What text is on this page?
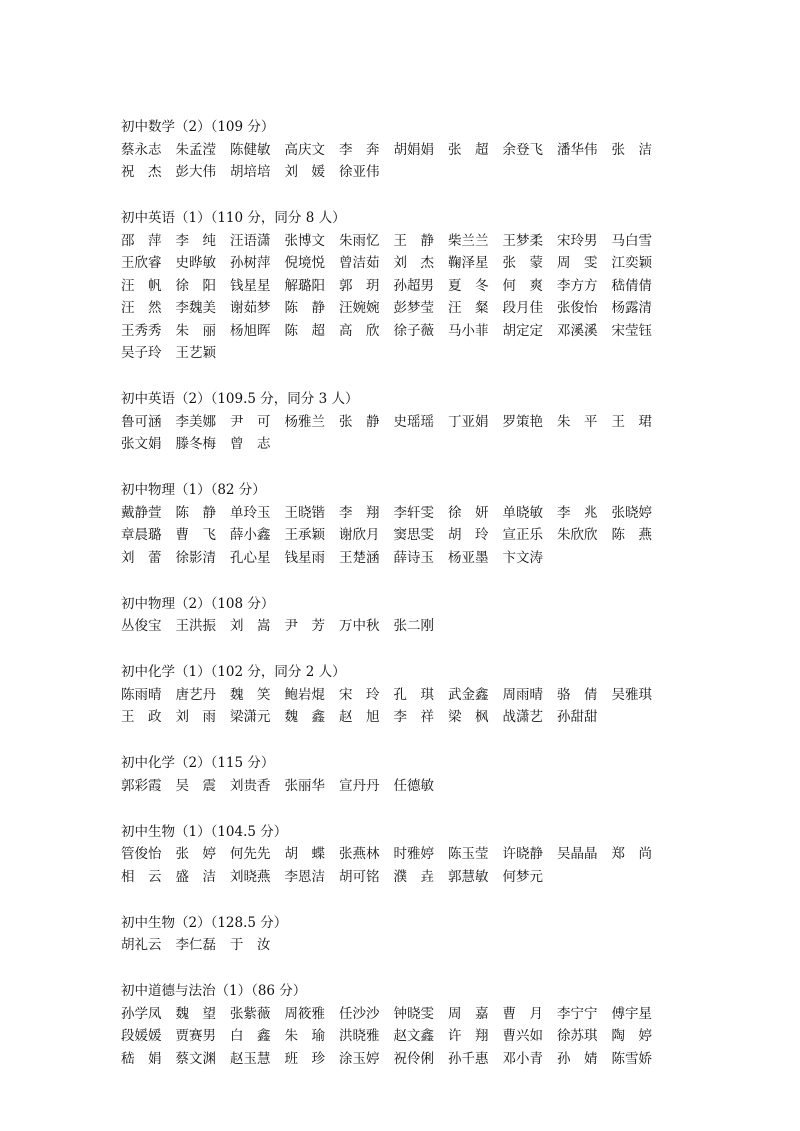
初中数学（2）（109 分）
蔡永志 朱孟滢 陈健敏 高庆文 李　奔 胡娟娟 张　超 余登飞 潘华伟 张　洁
祝　杰 彭大伟 胡培培 刘　媛 徐亚伟
初中英语（1）（110 分，同分 8 人）
邵　萍 李　纯 汪语潇 张博文 朱雨忆 王　静 柴兰兰 王梦柔 宋玲男 马白雪
王欣睿 史晔敏 孙树萍 倪境悦 曾洁茹 刘　杰 鞠泽星 张　蒙 周　雯 江奕颖
汪　帆 徐　阳 钱星星 解璐阳 郭　玥 孙超男 夏　冬 何　爽 李方方 嵇倩倩
汪　然 李魏美 谢茹梦 陈　静 汪婉婉 彭梦莹 汪　粲 段月佳 张俊怡 杨露清
王秀秀 朱　丽 杨旭晖 陈　超 高　欣 徐子薇 马小菲 胡定定 邓溪溪 宋莹钰
吴子玲 王艺颖
初中英语（2）（109.5 分，同分 3 人）
鲁可涵 李美娜 尹　可 杨雅兰 张　静 史瑶瑶 丁亚娟 罗策艳 朱　平 王　珺
张文娟 滕冬梅 曾　志
初中物理（1）（82 分）
戴静萱 陈　静 单玲玉 王晓锴 李　翔 李轩雯 徐　妍 单晓敏 李　兆 张晓婷
章晨璐 曹　飞 薛小鑫 王承颖 谢欣月 窦思雯 胡　玲 宣正乐 朱欣欣 陈　燕
刘　蕾 徐影清 孔心星 钱星雨 王楚涵 薛诗玉 杨亚墨 卞文涛
初中物理（2）（108 分）
丛俊宝 王洪振 刘　嵩 尹　芳 万中秋 张二刚
初中化学（1）（102 分，同分 2 人）
陈雨晴 唐艺丹 魏　笑 鲍岩焜 宋　玲 孔　琪 武金鑫 周雨晴 骆　倩 吴雅琪
王　政 刘　雨 梁潇元 魏　鑫 赵　旭 李　祥 梁　枫 战潇艺 孙甜甜
初中化学（2）（115 分）
郭彩霞 吴　震 刘贵香 张丽华 宣丹丹 任德敏
初中生物（1）（104.5 分）
管俊怡 张　婷 何先先 胡　蝶 张燕林 时雅婷 陈玉莹 许晓静 吴晶晶 郑　尚
相　云 盛　洁 刘晓燕 李恩洁 胡可铭 濮　垚 郭慧敏 何梦元
初中生物（2）（128.5 分）
胡礼云 李仁磊 于　汝
初中道德与法治（1）（86 分）
孙学凤 魏　望 张紫薇 周筱雅 任沙沙 钟晓雯 周　嘉 曹　月 李宁宁 傅宇星
段媛媛 贾赛男 白　鑫 朱　瑜 洪晓雅 赵文鑫 许　翔 曹兴如 徐苏琪 陶　婷
嵇　娟 蔡文渊 赵玉慧 班　珍 涂玉婷 祝伶俐 孙千惠 邓小青 孙　婧 陈雪娇
